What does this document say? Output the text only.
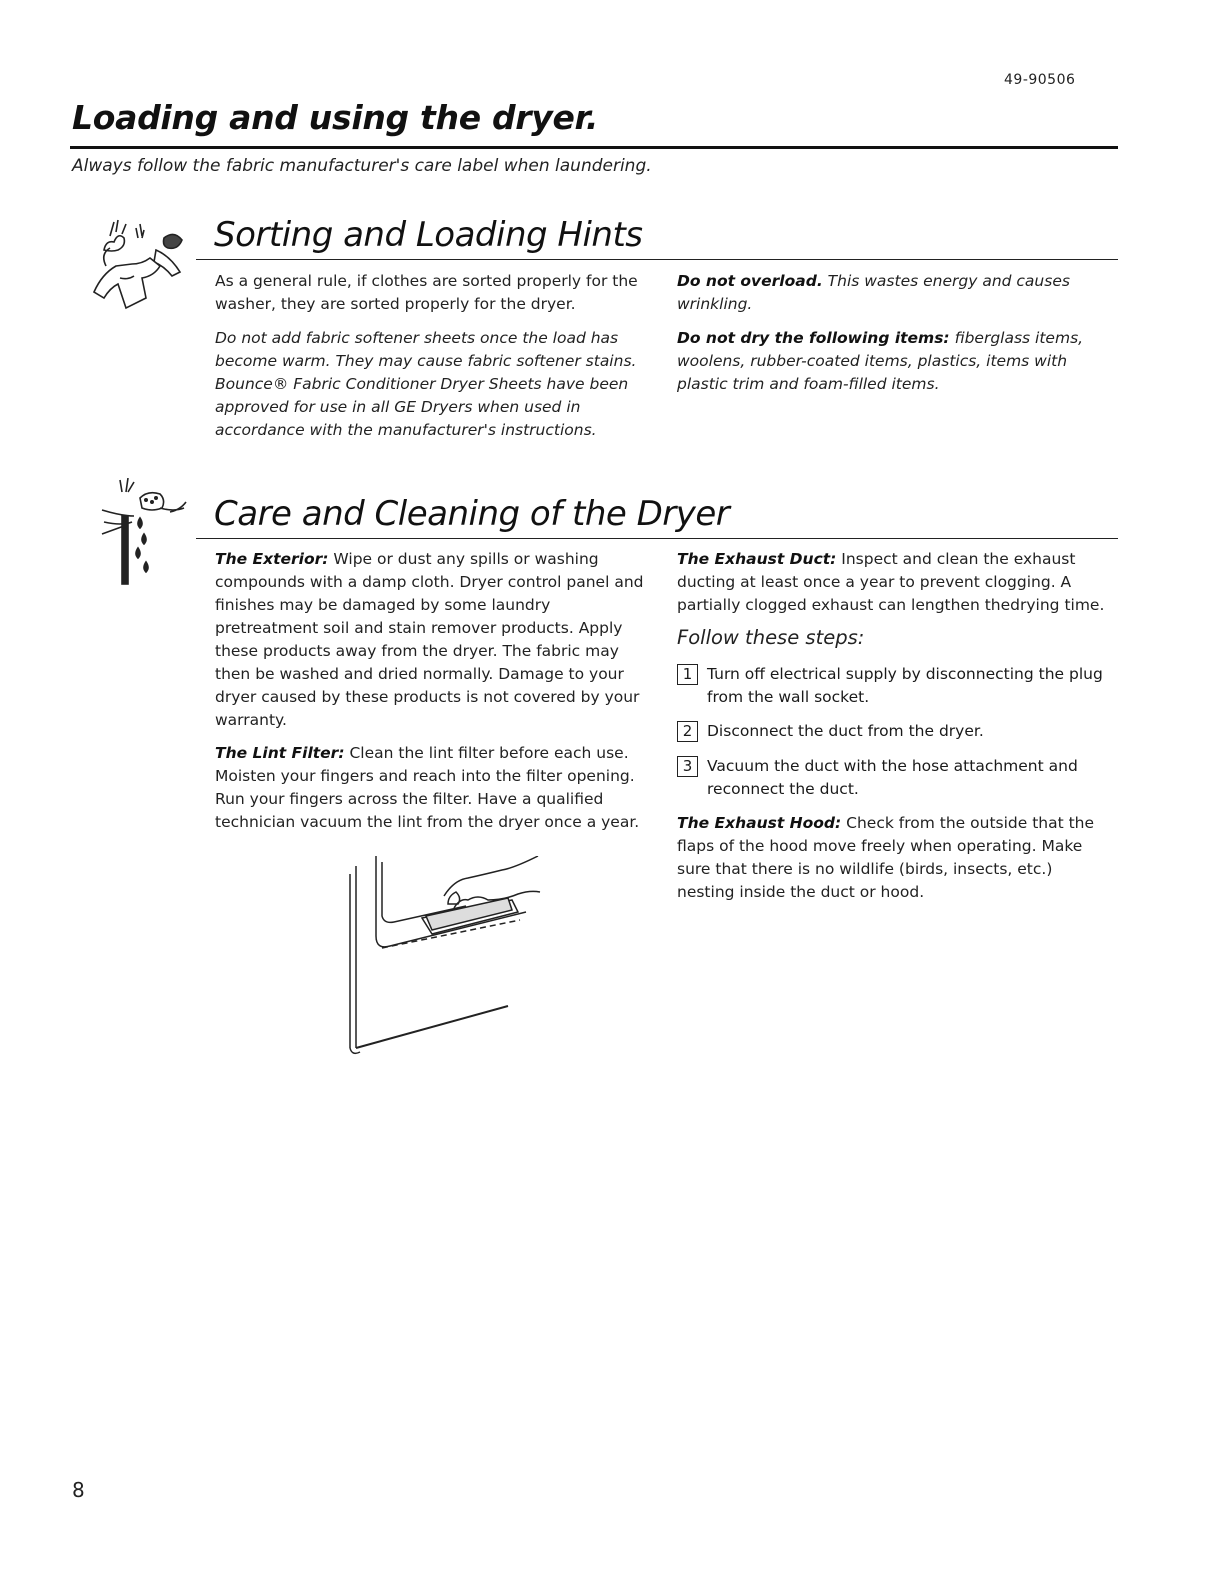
49-90506
Loading and using the dryer.
Always follow the fabric manufacturer's care label when laundering.
Sorting and Loading Hints

As a general rule, if clothes are sorted properly for the washer, they are sorted properly for the dryer.

Do not add fabric softener sheets once the load has become warm. They may cause fabric softener stains. Bounce® Fabric Conditioner Dryer Sheets have been approved for use in all GE Dryers when used in accordance with the manufacturer's instructions.

Do not overload. This wastes energy and causes wrinkling.

Do not dry the following items: fiberglass items, woolens, rubber-coated items, plastics, items with plastic trim and foam-filled items.

Care and Cleaning of the Dryer

The Exterior: Wipe or dust any spills or washing compounds with a damp cloth. Dryer control panel and finishes may be damaged by some laundry pretreatment soil and stain remover products. Apply these products away from the dryer. The fabric may then be washed and dried normally. Damage to your dryer caused by these products is not covered by your warranty.

The Lint Filter: Clean the lint filter before each use. Moisten your fingers and reach into the filter opening. Run your fingers across the filter. Have a qualified technician vacuum the lint from the dryer once a year.

The Exhaust Duct: Inspect and clean the exhaust ducting at least once a year to prevent clogging. A partially clogged exhaust can lengthen thedrying time.

Follow these steps:
1 Turn off electrical supply by disconnecting the plug from the wall socket.
2 Disconnect the duct from the dryer.
3 Vacuum the duct with the hose attachment and reconnect the duct.

The Exhaust Hood: Check from the outside that the flaps of the hood move freely when operating. Make sure that there is no wildlife (birds, insects, etc.) nesting inside the duct or hood.

8
